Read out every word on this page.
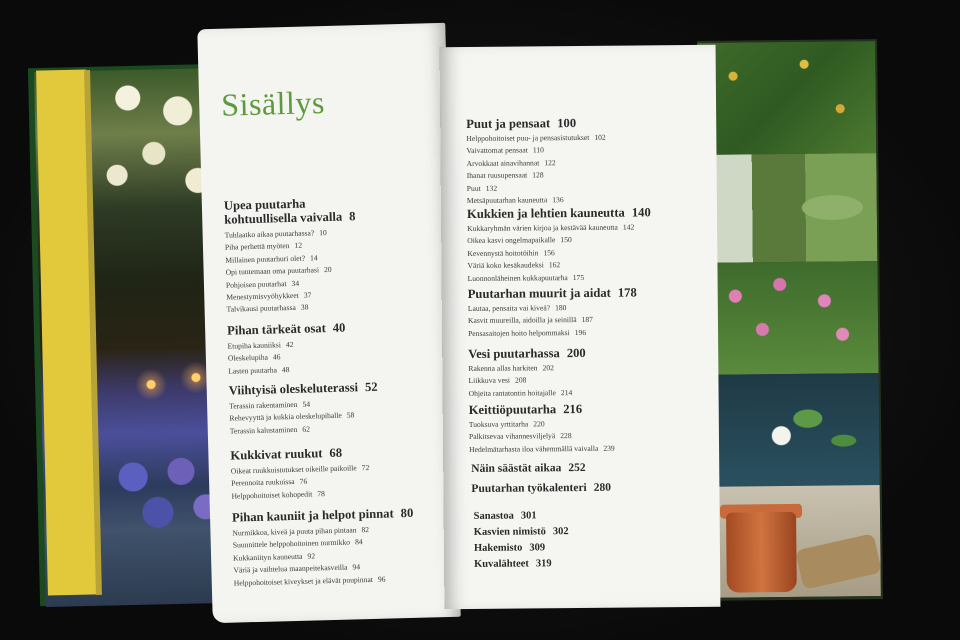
Sisällys
Upea puutarha
kohtuullisella vaivalla 8
Tuhlaatko aikaa puutarhassa? 10
Piha perhettä myöten 12
Millainen puutarhuri olet? 14
Opi tuntemaan oma puutarhasi 20
Pohjoisen puutarhat 34
Menestymisvyöhykkeet 37
Talvikausi puutarhassa 38
Pihan tärkeät osat 40
Etupiha kauniiksi 42
Oleskelupiha 46
Lasten puutarha 48
Viihtyisä oleskeluterassi 52
Terassin rakentaminen 54
Rehevyyttä ja kukkia oleskelupihalle 58
Terassin kalustaminen 62
Kukkivat ruukut 68
Oikeat ruukkuistutukset oikeille paikoille 72
Perennoita ruukuissa 76
Helppohoitoiset kohopedit 78
Pihan kauniit ja helpot pinnat 80
Nurmikkoa, kiveä ja puuta pihan pintaan 82
Suunnittele helppohoitoinen nurmikko 84
Kukkaniityn kauneutta 92
Väriä ja vaihtelua maanpeitekasveilla 94
Helppohoitoiset kiveykset ja elävät puupinnat 96
Puut ja pensaat 100
Helppohoitoiset puu- ja pensasistutukset 102
Vaivattomat pensaat 110
Arvokkaat ainavihannat 122
Ihanat ruusupensaat 128
Puut 132
Metsäpuutarhan kauneutta 136
Kukkien ja lehtien kauneutta 140
Kukkaryhmän värien kirjoa ja kestävää kauneutta 142
Oikea kasvi ongelmapaikalle 150
Kevennystä hoitotöihin 156
Väriä koko kesäkaudeksi 162
Luonnonläheinen kukkapuutarha 175
Puutarhan muurit ja aidat 178
Lautaa, pensaita vai kiveä? 180
Kasvit muureilla, aidoilla ja seinillä 187
Pensasaitojen hoito helpommaksi 196
Vesi puutarhassa 200
Rakenna allas harkiten 202
Liikkuva vesi 208
Ohjeita rantatontin hoitajalle 214
Keittiöpuutarha 216
Tuoksuva yrttitarha 220
Palkitsevaa vihannesviljelyä 228
Hedelmätarhasta iloa vähemmällä vaivalla 239
Näin säästät aikaa 252
Puutarhan työkalenteri 280
Sanastoa 301
Kasvien nimistö 302
Hakemisto 309
Kuvalähteet 319
